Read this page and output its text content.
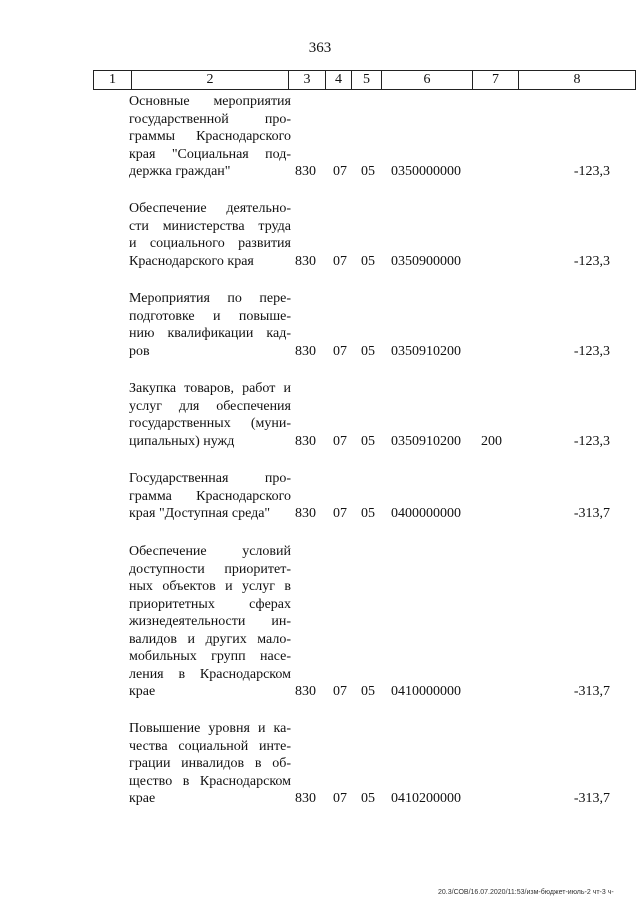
363
1	2	3	4	5	6	7	8
Основные мероприятия
государственной про-
граммы Краснодарского
края "Социальная под-
держка граждан"	830 07 05 0350000000	-123,3
Обеспечение деятельно-
сти министерства труда
и социального развития
Краснодарского края	830 07 05 0350900000	-123,3
Мероприятия по пере-
подготовке и повыше-
нию квалификации кад-
ров	830 07 05 0350910200	-123,3
Закупка товаров, работ и
услуг для обеспечения
государственных (муни-
ципальных) нужд	830 07 05 0350910200 200	-123,3
Государственная про-
грамма Краснодарского
края "Доступная среда"	830 07 05 0400000000	-313,7
Обеспечение условий
доступности приоритет-
ных объектов и услуг в
приоритетных сферах
жизнедеятельности ин-
валидов и других мало-
мобильных групп насе-
ления в Краснодарском
крае	830 07 05 0410000000	-313,7
Повышение уровня и ка-
чества социальной инте-
грации инвалидов в об-
щество в Краснодарском
крае	830 07 05 0410200000	-313,7
20.3/СОВ/16.07.2020/11:53/изм-бюджет-июль-2 чт-3 ч-
